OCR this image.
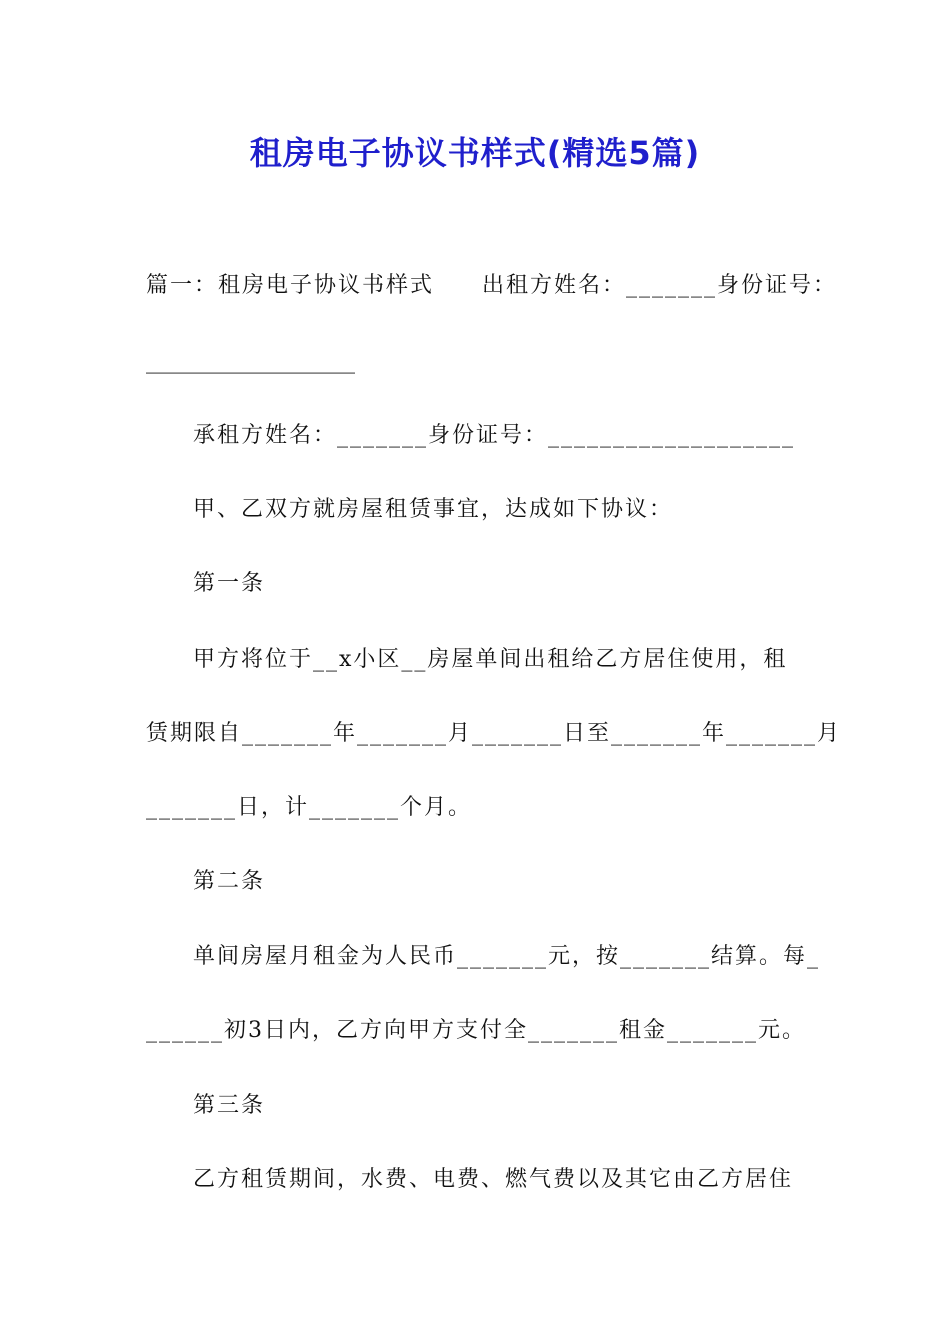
租房电子协议书样式(精选5篇)
篇一：租房电子协议书样式　　出租方姓名：_______身份证号：
___________________
承租方姓名：_______身份证号：___________________
甲、乙双方就房屋租赁事宜，达成如下协议：
第一条
甲方将位于__x小区__房屋单间出租给乙方居住使用，租
赁期限自_______年_______月_______日至_______年_______月
_______日，计_______个月。
第二条
单间房屋月租金为人民币_______元，按_______结算。每_
______初3日内，乙方向甲方支付全_______租金_______元。
第三条
乙方租赁期间，水费、电费、燃气费以及其它由乙方居住
